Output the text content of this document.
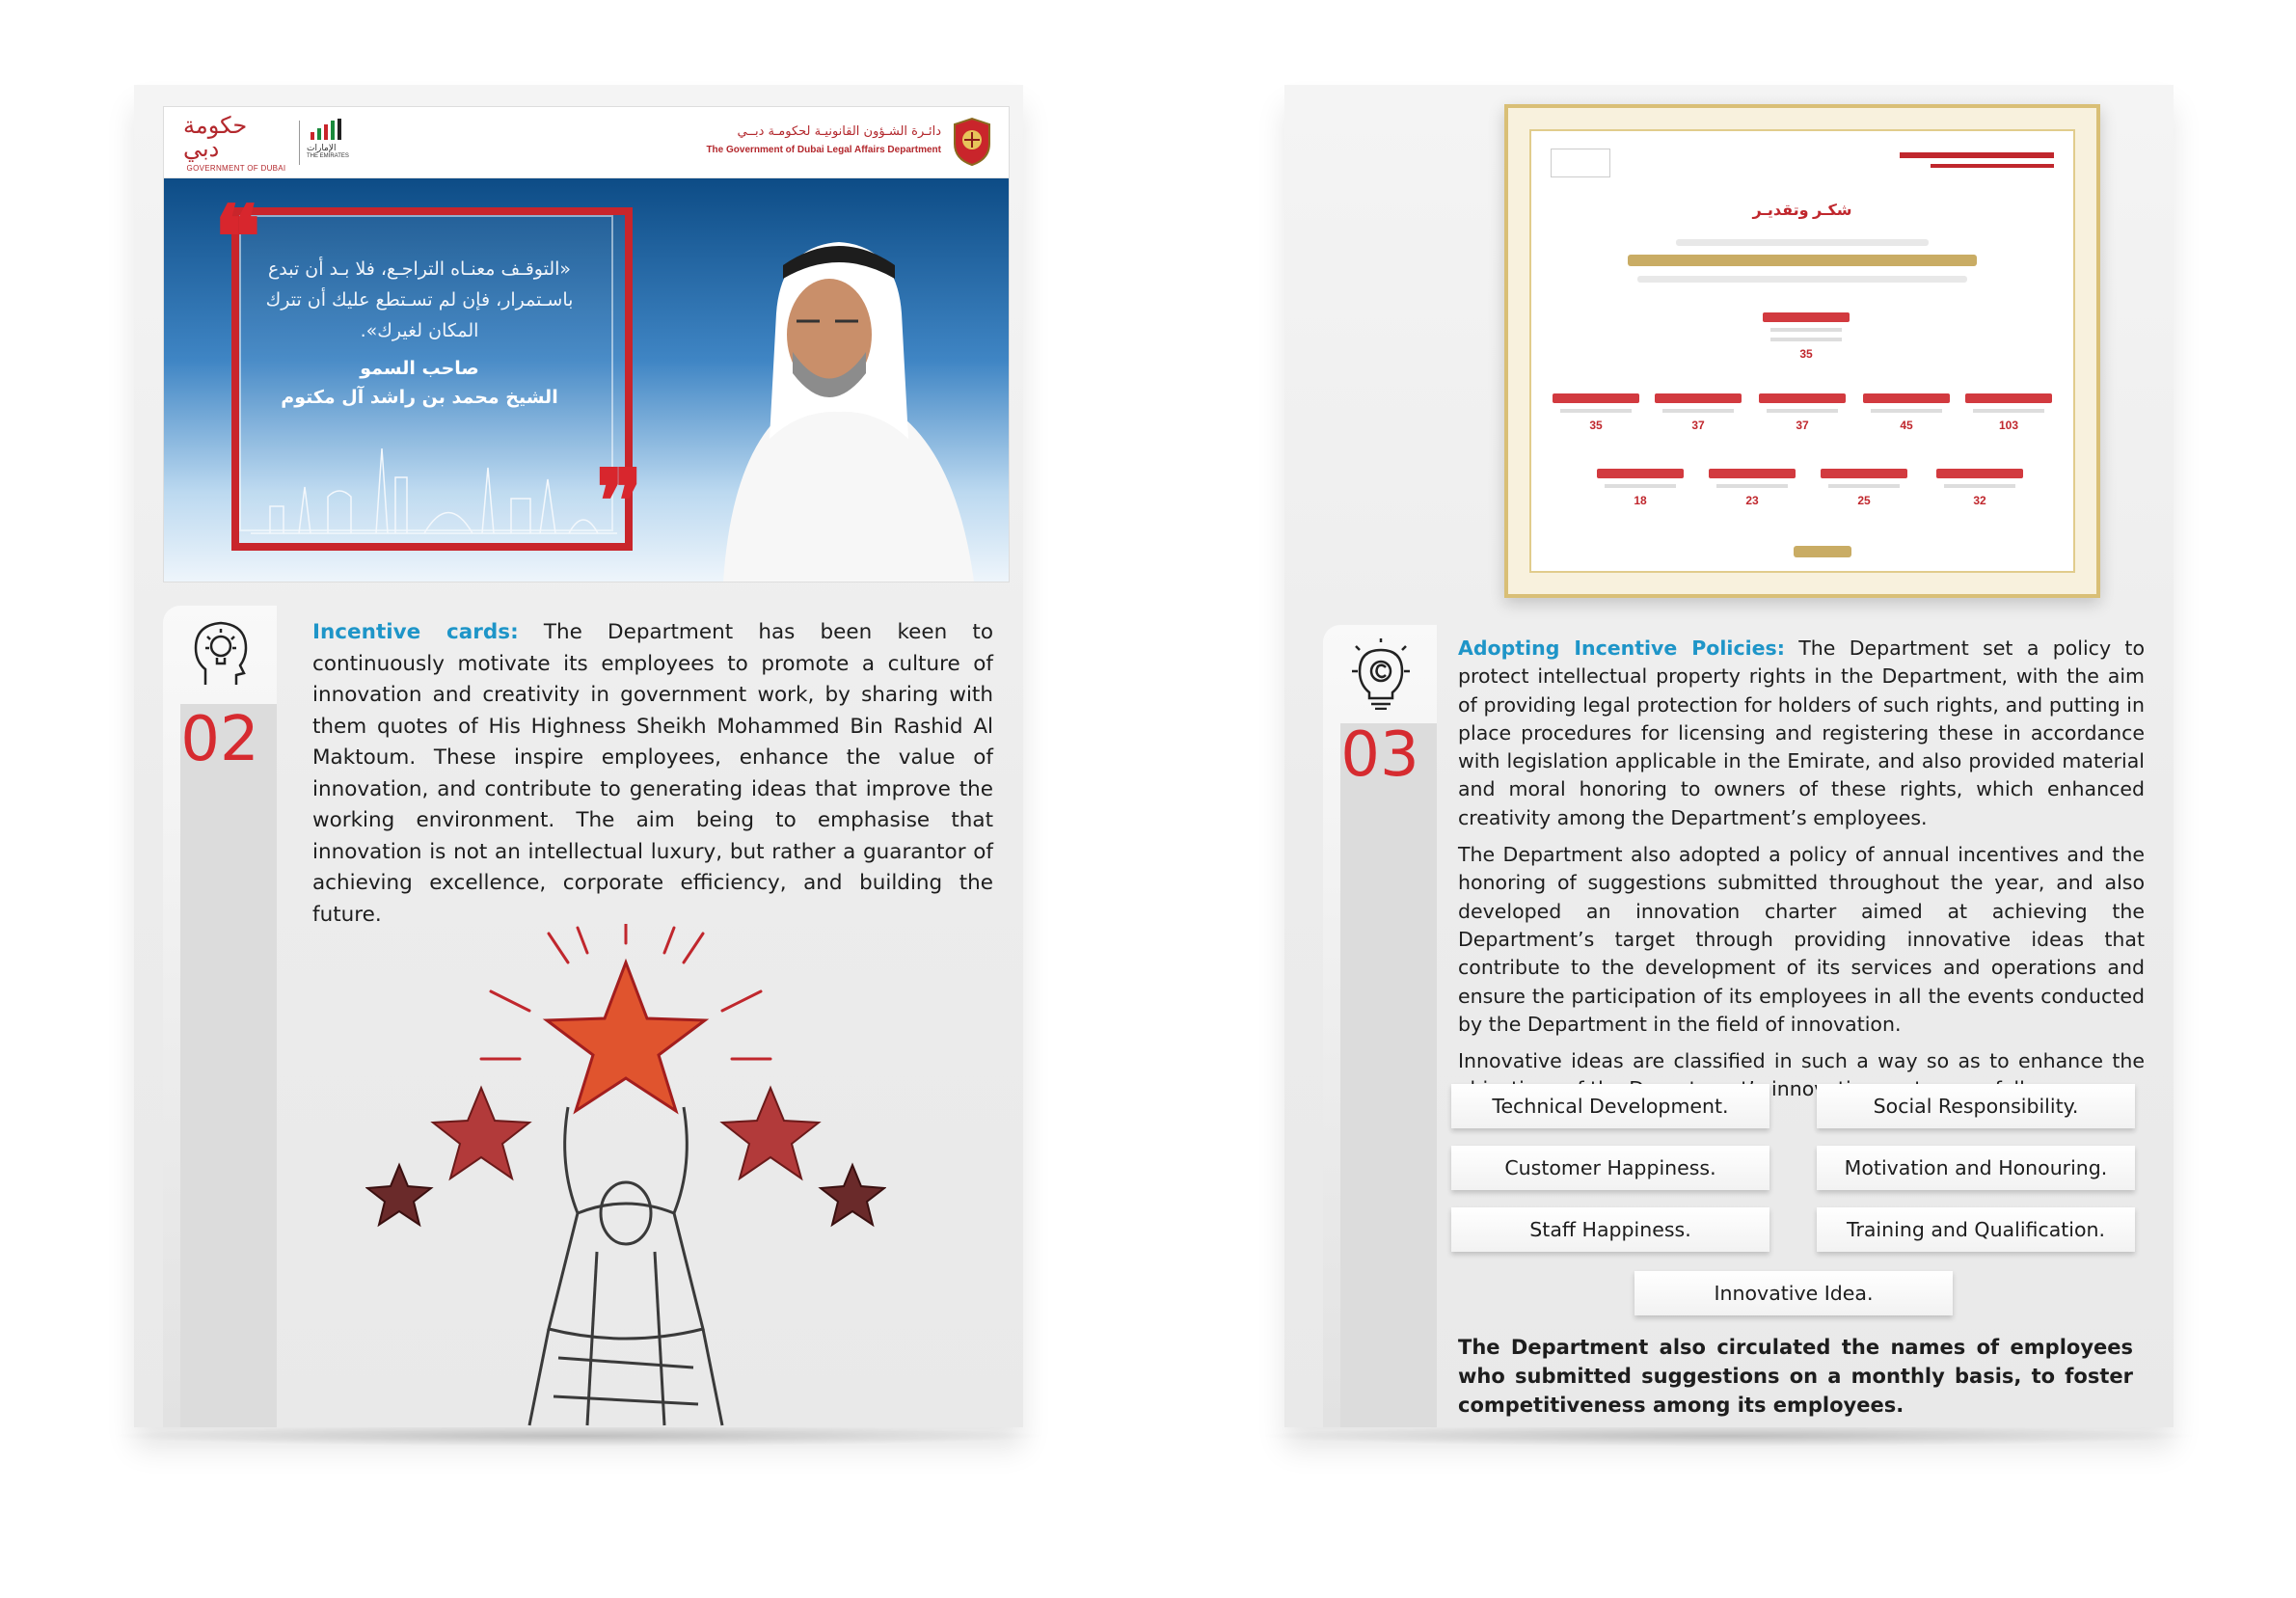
حكومة دبي
GOVERNMENT OF DUBAI
الإمارات
THE EMIRATES
دائـرة الشـؤون القانونيـة لحكومـة دبــي
The Government of Dubai Legal Affairs Department
❝
❞
«التوقـف معنـاه التراجـع، فلا بـد أن تبدع باسـتمرار، فإن لم تسـتطع عليك أن تترك المكان لغيرك».
صاحب السمو
الشيخ محمد بن راشد آل مكتوم
02
Incentive cards: The Department has been keen to continuously motivate its employees to promote a culture of innovation and creativity in government work, by sharing with them quotes of His Highness Sheikh Mohammed Bin Rashid Al Maktoum. These inspire employees, enhance the value of innovation, and contribute to generating ideas that improve the working environment. The aim being to emphasise that innovation is not an intellectual luxury, but rather a guarantor of achieving excellence, corporate efficiency, and building the future.
شكـر وتقديـر
35
35	37	37	45	103
18	23	25	32
03

Adopting Incentive Policies: The Department set a policy to protect intellectual property rights in the Department, with the aim of providing legal protection for holders of such rights, and putting in place procedures for licensing and registering these in accordance with legislation applicable in the Emirate, and also provided material and moral honoring to owners of these rights, which enhanced creativity among the Department’s employees.

The Department also adopted a policy of annual incentives and the honoring of suggestions submitted throughout the year, and also developed an innovation charter aimed at achieving the Department’s target through providing innovative ideas that contribute to the development of its services and operations and ensure the participation of its employees in all the events conducted by the Department in the field of innovation.

Innovative ideas are classified in such a way so as to enhance the

Technical Development.	Social Responsibility.
Customer Happiness.	Motivation and Honouring.
Staff Happiness.	Training and Qualification.
Innovative Idea.
The Department also circulated the names of employees who submitted suggestions on a monthly basis, to foster competitiveness among its employees.
